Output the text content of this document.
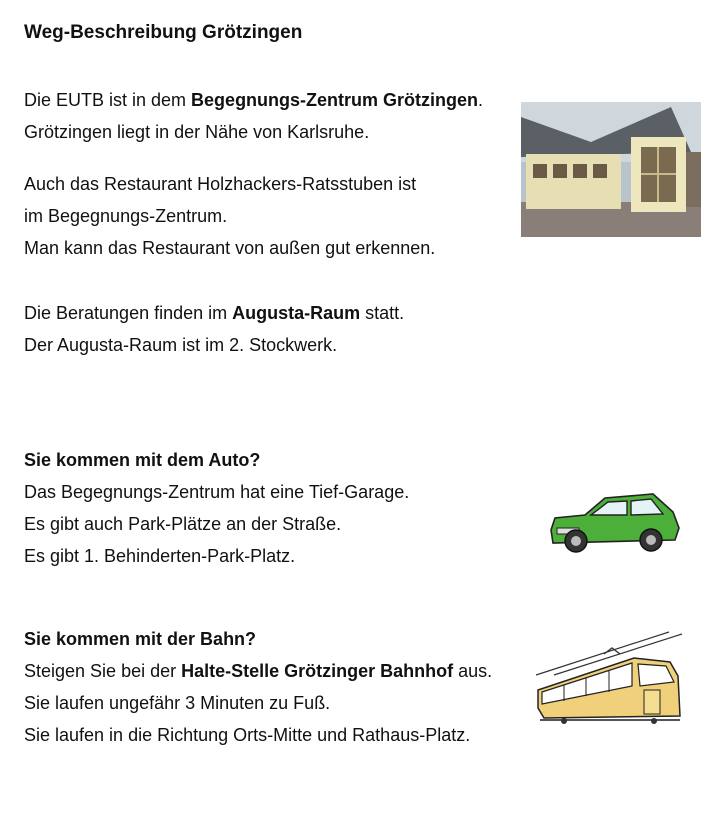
Weg-Beschreibung Grötzingen

Die EUTB ist in dem Begegnungs-Zentrum Grötzingen.

Grötzingen liegt in der Nähe von Karlsruhe.

Auch das Restaurant Holzhackers-Ratsstuben ist

im Begegnungs-Zentrum.

Man kann das Restaurant von außen gut erkennen.

Die Beratungen finden im Augusta-Raum statt.

Der Augusta-Raum ist im 2. Stockwerk.

Sie kommen mit dem Auto?

Das Begegnungs-Zentrum hat eine Tief-Garage.

Es gibt auch Park-Plätze an der Straße.

Es gibt 1. Behinderten-Park-Platz.

Sie kommen mit der Bahn?

Steigen Sie bei der Halte-Stelle Grötzinger Bahnhof aus.

Sie laufen ungefähr 3 Minuten zu Fuß.

Sie laufen in die Richtung Orts-Mitte und Rathaus-Platz.
